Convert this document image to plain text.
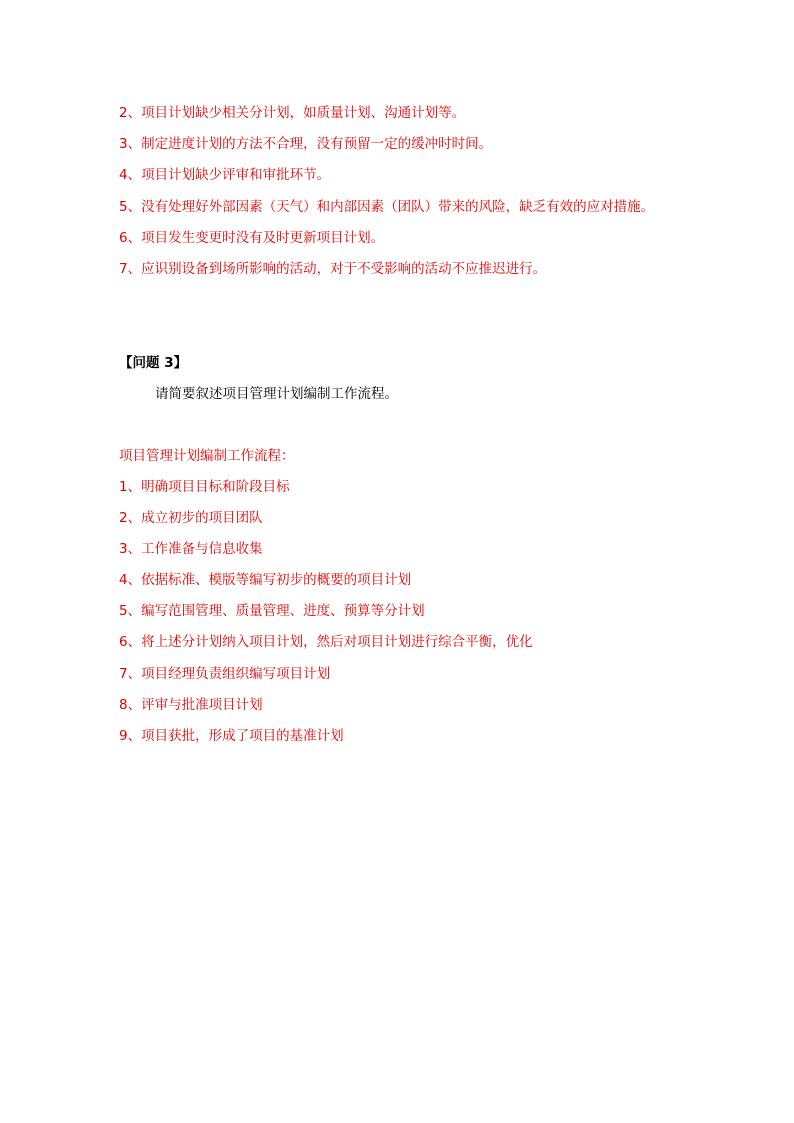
2、项目计划缺少相关分计划，如质量计划、沟通计划等。
3、制定进度计划的方法不合理，没有预留一定的缓冲时时间。
4、项目计划缺少评审和审批环节。
5、没有处理好外部因素（天气）和内部因素（团队）带来的风险，缺乏有效的应对措施。
6、项目发生变更时没有及时更新项目计划。
7、应识别设备到场所影响的活动，对于不受影响的活动不应推迟进行。
【问题 3】
请简要叙述项目管理计划编制工作流程。
项目管理计划编制工作流程：
1、明确项目目标和阶段目标
2、成立初步的项目团队
3、工作准备与信息收集
4、依据标准、模版等编写初步的概要的项目计划
5、编写范围管理、质量管理、进度、预算等分计划
6、将上述分计划纳入项目计划，然后对项目计划进行综合平衡，优化
7、项目经理负责组织编写项目计划
8、评审与批准项目计划
9、项目获批，形成了项目的基准计划
